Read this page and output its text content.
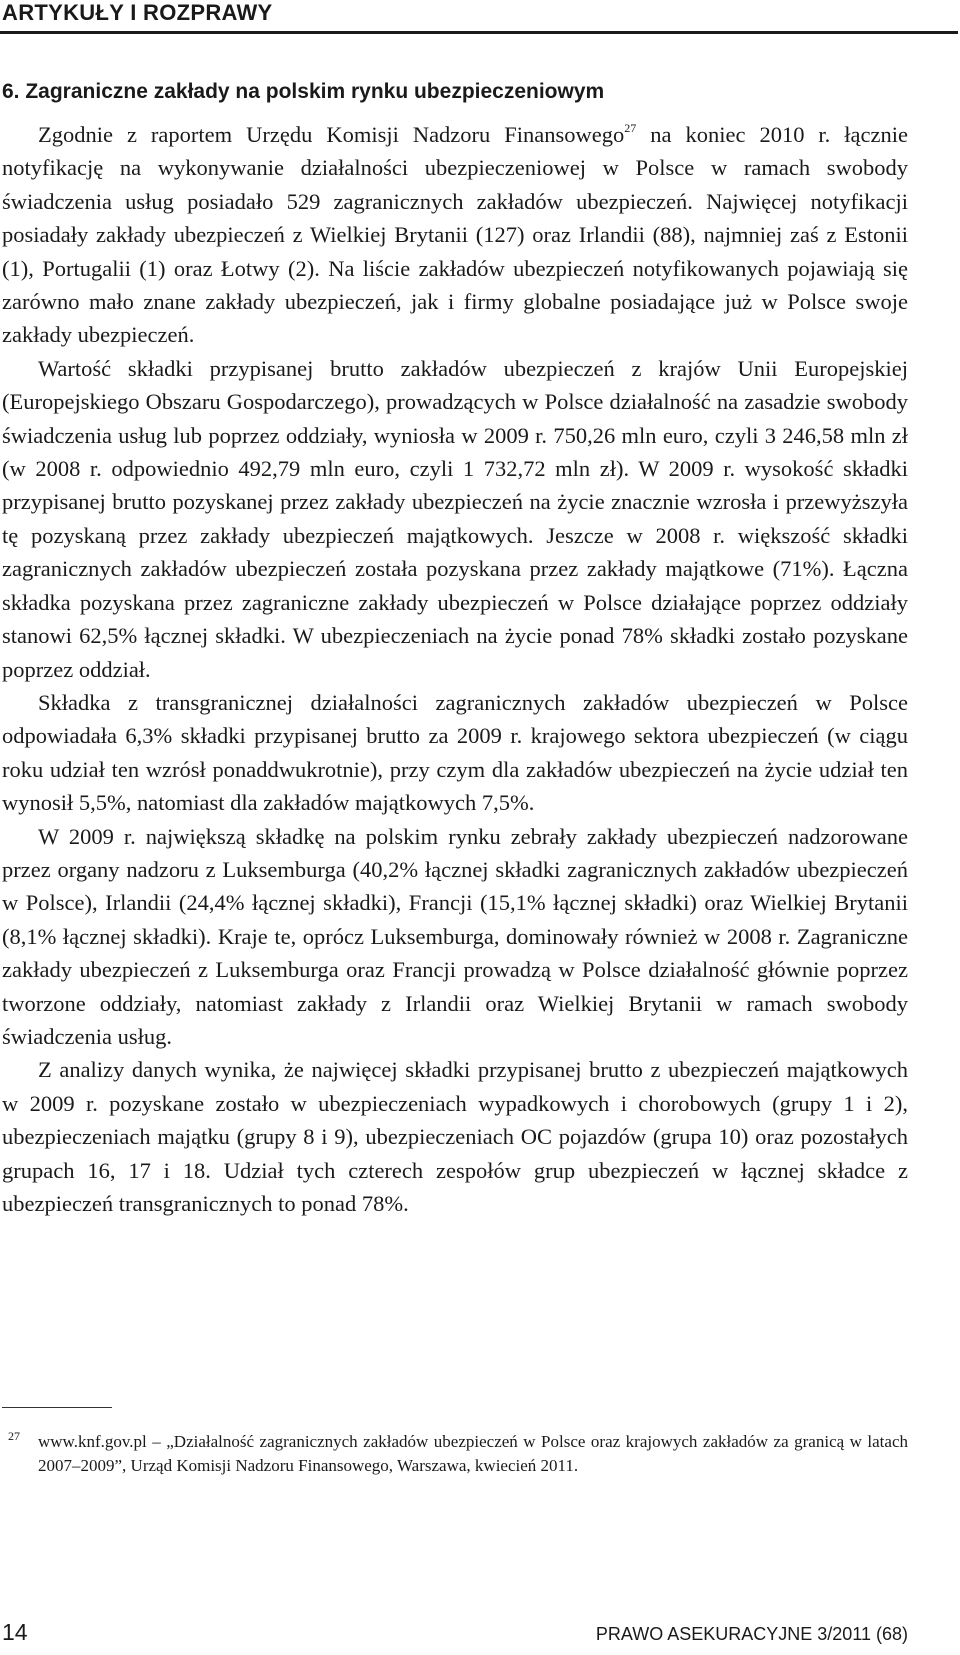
ARTYKUŁY I ROZPRAWY
6. Zagraniczne zakłady na polskim rynku ubezpieczeniowym

Zgodnie z raportem Urzędu Komisji Nadzoru Finansowego$^{27}$ na koniec 2010 r. łącznie notyfikację na wykonywanie działalności ubezpieczeniowej w Polsce w ramach swobody świadczenia usług posiadało 529 zagranicznych zakładów ubezpieczeń. Najwięcej notyfikacji posiadały zakłady ubezpieczeń z Wielkiej Brytanii (127) oraz Irlandii (88), najmniej zaś z Estonii (1), Portugalii (1) oraz Łotwy (2). Na liście zakładów ubezpieczeń notyfikowanych pojawiają się zarówno mało znane zakłady ubezpieczeń, jak i firmy globalne posiadające już w Polsce swoje zakłady ubezpieczeń.

Wartość składki przypisanej brutto zakładów ubezpieczeń z krajów Unii Europejskiej (Europejskiego Obszaru Gospodarczego), prowadzących w Polsce działalność na zasadzie swobody świadczenia usług lub poprzez oddziały, wyniosła w 2009 r. 750,26 mln euro, czyli 3 246,58 mln zł (w 2008 r. odpowiednio 492,79 mln euro, czyli 1 732,72 mln zł). W 2009 r. wysokość składki przypisanej brutto pozyskanej przez zakłady ubezpieczeń na życie znacznie wzrosła i przewyższyła tę pozyskaną przez zakłady ubezpieczeń majątkowych. Jeszcze w 2008 r. większość składki zagranicznych zakładów ubezpieczeń została pozyskana przez zakłady majątkowe (71%). Łączna składka pozyskana przez zagraniczne zakłady ubezpieczeń w Polsce działające poprzez oddziały stanowi 62,5% łącznej składki. W ubezpieczeniach na życie ponad 78% składki zostało pozyskane poprzez oddział.

Składka z transgranicznej działalności zagranicznych zakładów ubezpieczeń w Polsce odpowiadała 6,3% składki przypisanej brutto za 2009 r. krajowego sektora ubezpieczeń (w ciągu roku udział ten wzrósł ponaddwukrotnie), przy czym dla zakładów ubezpieczeń na życie udział ten wynosił 5,5%, natomiast dla zakładów majątkowych 7,5%.

W 2009 r. największą składkę na polskim rynku zebrały zakłady ubezpieczeń nadzorowane przez organy nadzoru z Luksemburga (40,2% łącznej składki zagranicznych zakładów ubezpieczeń w Polsce), Irlandii (24,4% łącznej składki), Francji (15,1% łącznej składki) oraz Wielkiej Brytanii (8,1% łącznej składki). Kraje te, oprócz Luksemburga, dominowały również w 2008 r. Zagraniczne zakłady ubezpieczeń z Luksemburga oraz Francji prowadzą w Polsce działalność głównie poprzez tworzone oddziały, natomiast zakłady z Irlandii oraz Wielkiej Brytanii w ramach swobody świadczenia usług.

Z analizy danych wynika, że najwięcej składki przypisanej brutto z ubezpieczeń majątkowych w 2009 r. pozyskane zostało w ubezpieczeniach wypadkowych i chorobowych (grupy 1 i 2), ubezpieczeniach majątku (grupy 8 i 9), ubezpieczeniach OC pojazdów (grupa 10) oraz pozostałych grupach 16, 17 i 18. Udział tych czterech zespołów grup ubezpieczeń w łącznej składce z ubezpieczeń transgranicznych to ponad 78%.

27 www.knf.gov.pl – „Działalność zagranicznych zakładów ubezpieczeń w Polsce oraz krajowych zakładów za granicą w latach 2007–2009”, Urząd Komisji Nadzoru Finansowego, Warszawa, kwiecień 2011.
14	PRAWO ASEKURACYJNE 3/2011 (68)
